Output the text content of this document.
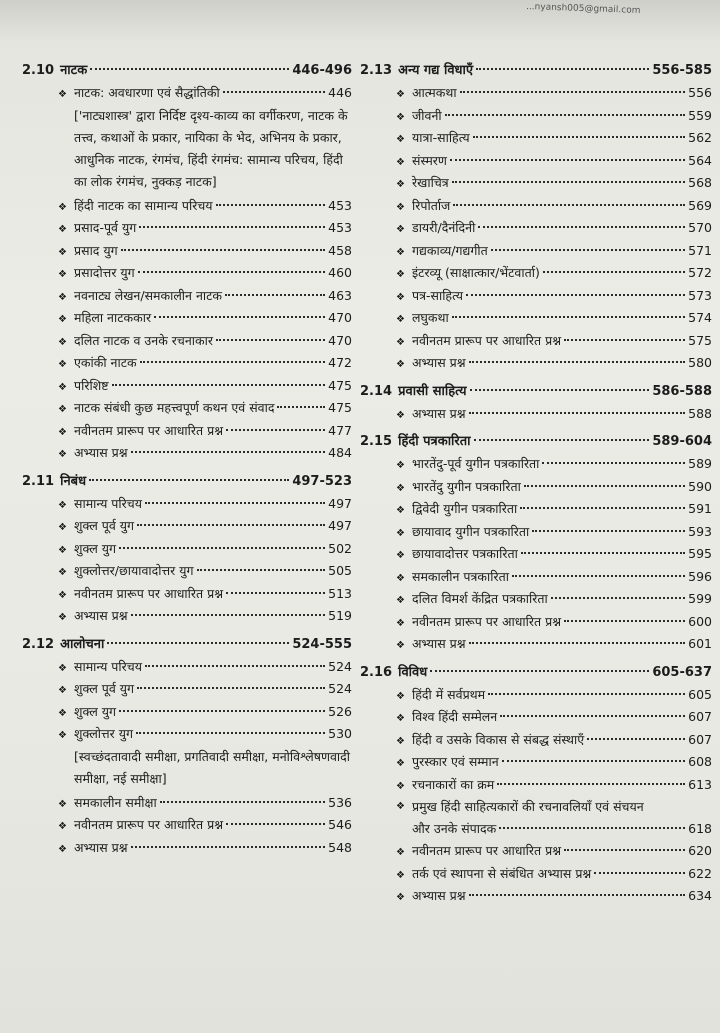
...nyansh005@gmail.com
2.10 नाटक	446-496
❖ नाटक: अवधारणा एवं सैद्धांतिकी	446
['नाट्यशास्त्र' द्वारा निर्दिष्ट दृश्य-काव्य का वर्गीकरण, नाटक के तत्त्व, कथाओं के प्रकार, नायिका के भेद, अभिनय के प्रकार, आधुनिक नाटक, रंगमंच, हिंदी रंगमंच: सामान्य परिचय, हिंदी का लोक रंगमंच, नुक्कड़ नाटक]
❖ हिंदी नाटक का सामान्य परिचय	453
❖ प्रसाद-पूर्व युग	453
❖ प्रसाद युग	458
❖ प्रसादोत्तर युग	460
❖ नवनाट्य लेखन/समकालीन नाटक	463
❖ महिला नाटककार	470
❖ दलित नाटक व उनके रचनाकार	470
❖ एकांकी नाटक	472
❖ परिशिष्ट	475
❖ नाटक संबंधी कुछ महत्त्वपूर्ण कथन एवं संवाद	475
❖ नवीनतम प्रारूप पर आधारित प्रश्न	477
❖ अभ्यास प्रश्न	484
2.11 निबंध	497-523
❖ सामान्य परिचय	497
❖ शुक्ल पूर्व युग	497
❖ शुक्ल युग	502
❖ शुक्लोत्तर/छायावादोत्तर युग	505
❖ नवीनतम प्रारूप पर आधारित प्रश्न	513
❖ अभ्यास प्रश्न	519
2.12 आलोचना	524-555
❖ सामान्य परिचय	524
❖ शुक्ल पूर्व युग	524
❖ शुक्ल युग	526
❖ शुक्लोत्तर युग	530
[स्वच्छंदतावादी समीक्षा, प्रगतिवादी समीक्षा, मनोविश्लेषणवादी समीक्षा, नई समीक्षा]
❖ समकालीन समीक्षा	536
❖ नवीनतम प्रारूप पर आधारित प्रश्न	546
❖ अभ्यास प्रश्न	548
2.13 अन्य गद्य विधाएँ	556-585
❖ आत्मकथा	556
❖ जीवनी	559
❖ यात्रा-साहित्य	562
❖ संस्मरण	564
❖ रेखाचित्र	568
❖ रिपोर्ताज	569
❖ डायरी/दैनंदिनी	570
❖ गद्यकाव्य/गद्यगीत	571
❖ इंटरव्यू (साक्षात्कार/भेंटवार्ता)	572
❖ पत्र-साहित्य	573
❖ लघुकथा	574
❖ नवीनतम प्रारूप पर आधारित प्रश्न	575
❖ अभ्यास प्रश्न	580
2.14 प्रवासी साहित्य	586-588
❖ अभ्यास प्रश्न	588
2.15 हिंदी पत्रकारिता	589-604
❖ भारतेंदु-पूर्व युगीन पत्रकारिता	589
❖ भारतेंदु युगीन पत्रकारिता	590
❖ द्विवेदी युगीन पत्रकारिता	591
❖ छायावाद युगीन पत्रकारिता	593
❖ छायावादोत्तर पत्रकारिता	595
❖ समकालीन पत्रकारिता	596
❖ दलित विमर्श केंद्रित पत्रकारिता	599
❖ नवीनतम प्रारूप पर आधारित प्रश्न	600
❖ अभ्यास प्रश्न	601
2.16 विविध	605-637
❖ हिंदी में सर्वप्रथम	605
❖ विश्व हिंदी सम्मेलन	607
❖ हिंदी व उसके विकास से संबद्ध संस्थाएँ	607
❖ पुरस्कार एवं सम्मान	608
❖ रचनाकारों का क्रम	613
❖ प्रमुख हिंदी साहित्यकारों की रचनावलियाँ एवं संचयन
और उनके संपादक	618
❖ नवीनतम प्रारूप पर आधारित प्रश्न	620
❖ तर्क एवं स्थापना से संबंधित अभ्यास प्रश्न	622
❖ अभ्यास प्रश्न	634
